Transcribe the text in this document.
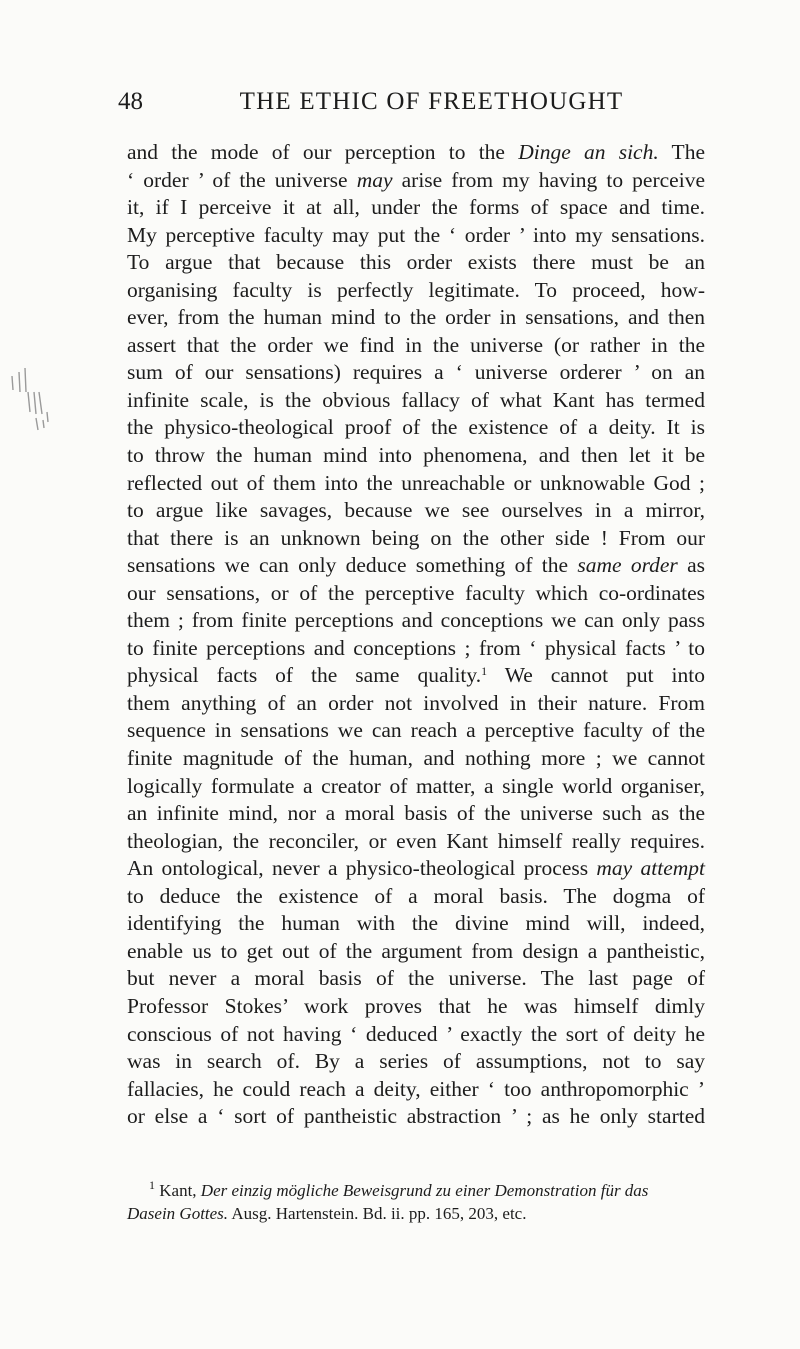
48	THE ETHIC OF FREETHOUGHT
and the mode of our perception to the Dinge an sich. The
‘ order ’ of the universe may arise from my having to perceive
it, if I perceive it at all, under the forms of space and time.
My perceptive faculty may put the ‘ order ’ into my sensations.
To argue that because this order exists there must be an
organising faculty is perfectly legitimate. To proceed, how-
ever, from the human mind to the order in sensations, and then
assert that the order we find in the universe (or rather in the
sum of our sensations) requires a ‘ universe orderer ’ on an
infinite scale, is the obvious fallacy of what Kant has termed
the physico-theological proof of the existence of a deity. It is
to throw the human mind into phenomena, and then let it be
reflected out of them into the unreachable or unknowable God ;
to argue like savages, because we see ourselves in a mirror,
that there is an unknown being on the other side ! From our
sensations we can only deduce something of the same order as
our sensations, or of the perceptive faculty which co-ordinates
them ; from finite perceptions and conceptions we can only pass
to finite perceptions and conceptions ; from ‘ physical facts ’ to
physical facts of the same quality.$^1$ We cannot put into
them anything of an order not involved in their nature. From
sequence in sensations we can reach a perceptive faculty of the
finite magnitude of the human, and nothing more ; we cannot
logically formulate a creator of matter, a single world organiser,
an infinite mind, nor a moral basis of the universe such as the
theologian, the reconciler, or even Kant himself really requires.
An ontological, never a physico-theological process may attempt
to deduce the existence of a moral basis. The dogma of
identifying the human with the divine mind will, indeed,
enable us to get out of the argument from design a pantheistic,
but never a moral basis of the universe. The last page of
Professor Stokes’ work proves that he was himself dimly
conscious of not having ‘ deduced ’ exactly the sort of deity he
was in search of. By a series of assumptions, not to say
fallacies, he could reach a deity, either ‘ too anthropomorphic ’
or else a ‘ sort of pantheistic abstraction ’ ; as he only started
$^1$ Kant, Der einzig mögliche Beweisgrund zu einer Demonstration für das
Dasein Gottes. Ausg. Hartenstein. Bd. ii. pp. 165, 203, etc.
